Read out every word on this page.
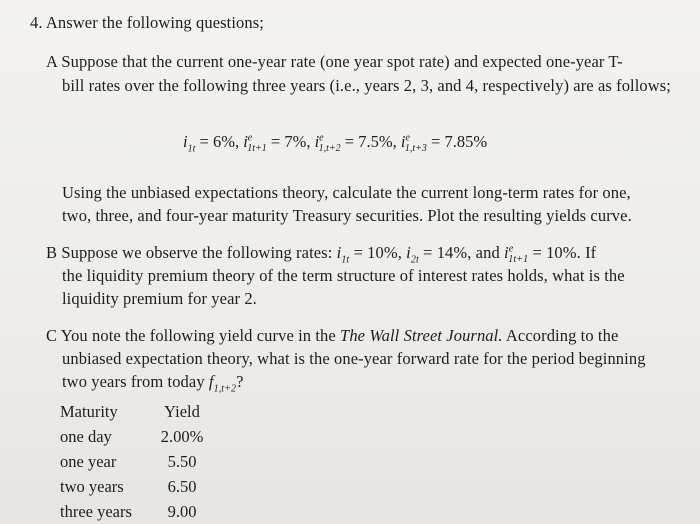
4. Answer the following questions;
A Suppose that the current one-year rate (one year spot rate) and expected one-year T-
bill rates over the following three years (i.e., years 2, 3, and 4, respectively) are as follows;
$i_{1t} = 6\%$, $i^e_{1t+1} = 7\%$, $i^e_{1,t+2} = 7.5\%$, $i^e_{1,t+3} = 7.85\%$
Using the unbiased expectations theory, calculate the current long-term rates for one,
two, three, and four-year maturity Treasury securities. Plot the resulting yields curve.
B Suppose we observe the following rates: $i_{1t} = 10\%$, $i_{2t} = 14\%$, and $i^e_{1t+1} = 10\%$. If
the liquidity premium theory of the term structure of interest rates holds, what is the
liquidity premium for year 2.
C You note the following yield curve in the The Wall Street Journal. According to the
unbiased expectation theory, what is the one-year forward rate for the period beginning
two years from today $f_{1,t+2}$?
Maturity	Yield
one day	2.00%
one year	5.50
two years	6.50
three years	9.00
